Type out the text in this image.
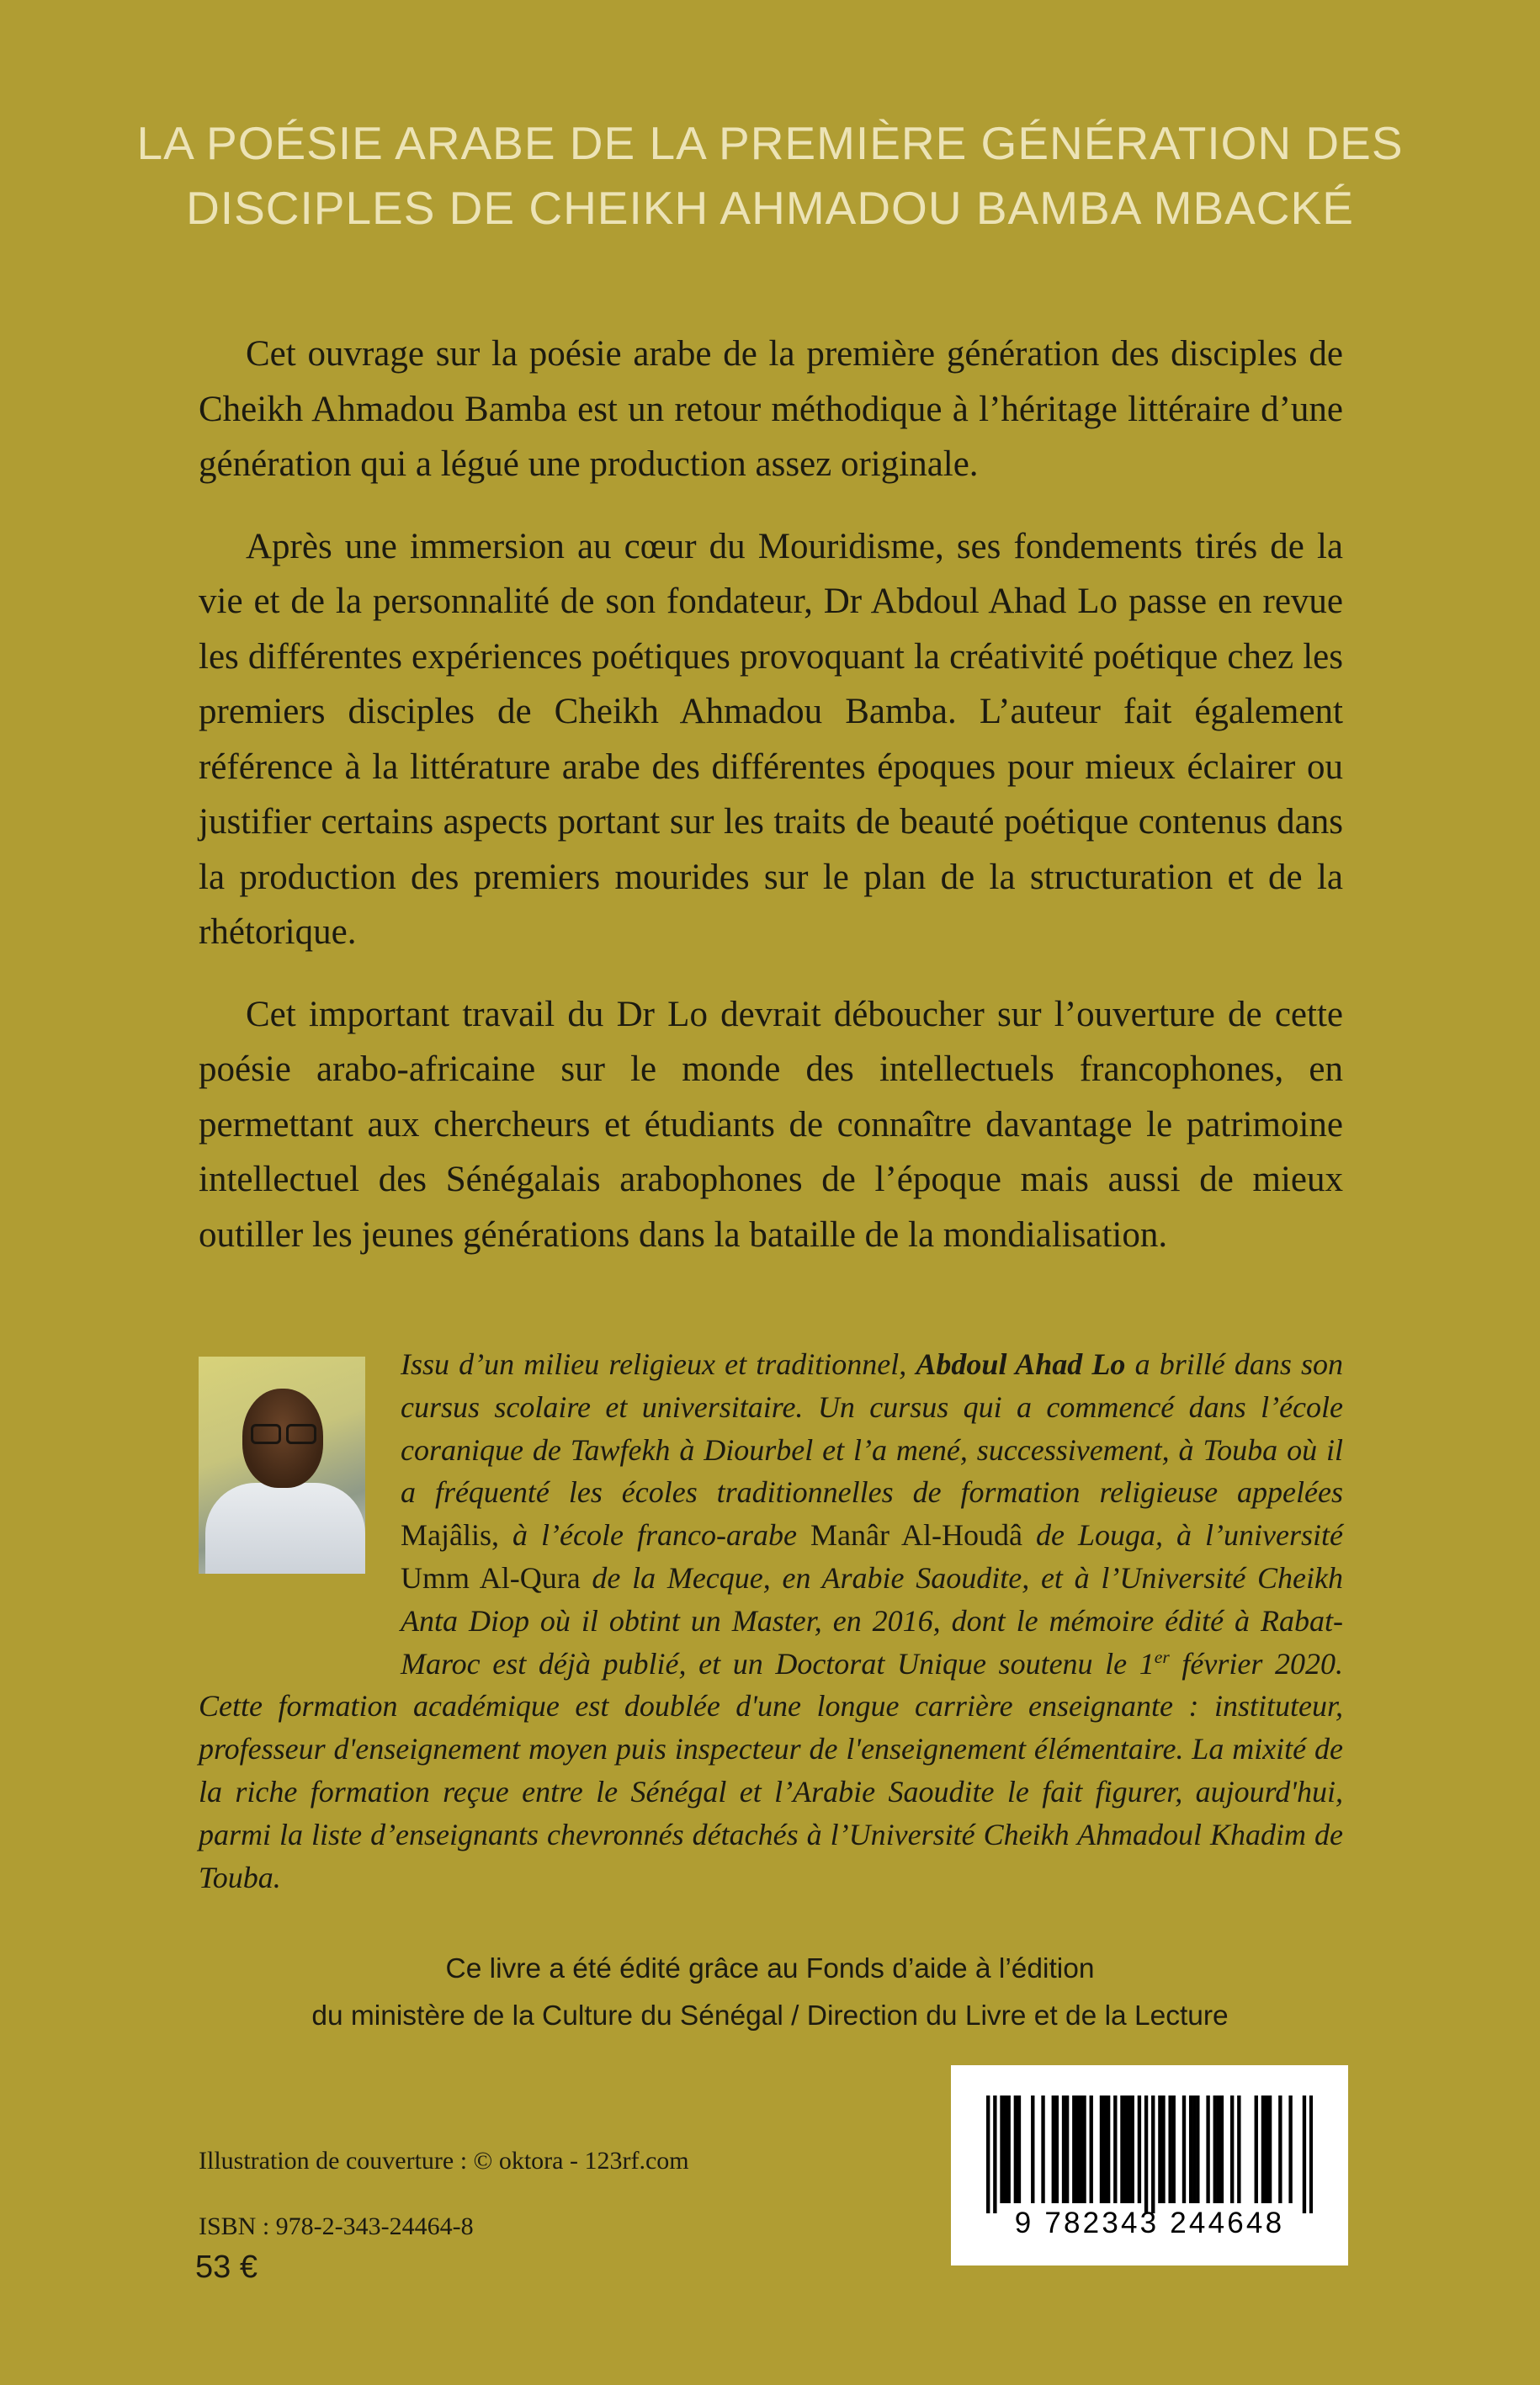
LA POÉSIE ARABE DE LA PREMIÈRE GÉNÉRATION DES
DISCIPLES DE CHEIKH AHMADOU BAMBA MBACKÉ

Cet ouvrage sur la poésie arabe de la première génération des disciples de Cheikh Ahmadou Bamba est un retour méthodique à l’héritage littéraire d’une génération qui a légué une production assez originale.

Après une immersion au cœur du Mouridisme, ses fondements tirés de la vie et de la personnalité de son fondateur, Dr Abdoul Ahad Lo passe en revue les différentes expériences poétiques provoquant la créativité poétique chez les premiers disciples de Cheikh Ahmadou Bamba. L’auteur fait également référence à la littérature arabe des différentes époques pour mieux éclairer ou justifier certains aspects portant sur les traits de beauté poétique contenus dans la production des premiers mourides sur le plan de la structuration et de la rhétorique.

Cet important travail du Dr Lo devrait déboucher sur l’ouverture de cette poésie arabo-africaine sur le monde des intellectuels francophones, en permettant aux chercheurs et étudiants de connaître davantage le patrimoine intellectuel des Sénégalais arabophones de l’époque mais aussi de mieux outiller les jeunes générations dans la bataille de la mondialisation.

Issu d’un milieu religieux et traditionnel, Abdoul Ahad Lo a brillé dans son cursus scolaire et universitaire. Un cursus qui a commencé dans l’école coranique de Tawfekh à Diourbel et l’a mené, successivement, à Touba où il a fréquenté les écoles traditionnelles de formation religieuse appelées Majâlis, à l’école franco-arabe Manâr Al-Houdâ de Louga, à l’université Umm Al-Qura de la Mecque, en Arabie Saoudite, et à l’Université Cheikh Anta Diop où il obtint un Master, en 2016, dont le mémoire édité à Rabat-Maroc est déjà publié, et un Doctorat Unique soutenu le 1er février 2020. Cette formation académique est doublée d'une longue carrière enseignante : instituteur, professeur d'enseignement moyen puis inspecteur de l'enseignement élémentaire. La mixité de la riche formation reçue entre le Sénégal et l’Arabie Saoudite le fait figurer, aujourd'hui, parmi la liste d’enseignants chevronnés détachés à l’Université Cheikh Ahmadoul Khadim de Touba.
Ce livre a été édité grâce au Fonds d’aide à l’édition
du ministère de la Culture du Sénégal / Direction du Livre et de la Lecture
Illustration de couverture : © oktora - 123rf.com
ISBN : 978-2-343-24464-8
53 €
9 782343 244648
